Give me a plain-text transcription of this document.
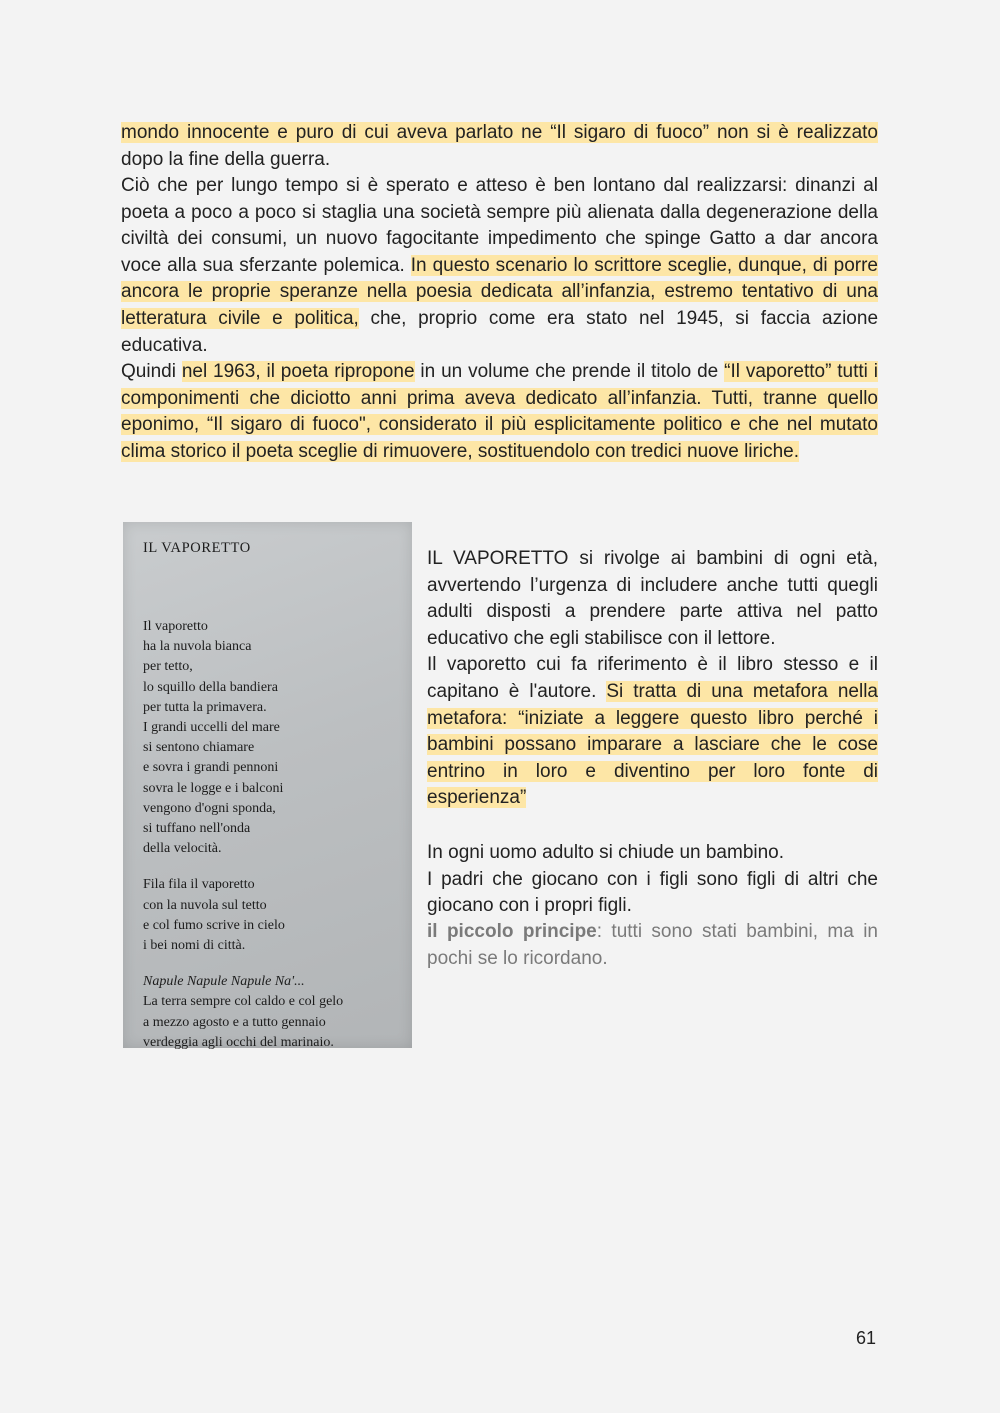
mondo innocente e puro di cui aveva parlato ne “Il sigaro di fuoco” non si è realizzato dopo la fine della guerra.

Ciò che per lungo tempo si è sperato e atteso è ben lontano dal realizzarsi: dinanzi al poeta a poco a poco si staglia una società sempre più alienata dalla degenerazione della civiltà dei consumi, un nuovo fagocitante impedimento che spinge Gatto a dar ancora voce alla sua sferzante polemica. In questo scenario lo scrittore sceglie, dunque, di porre ancora le proprie speranze nella poesia dedicata all’infanzia, estremo tentativo di una letteratura civile e politica, che, proprio come era stato nel 1945, si faccia azione educativa.

Quindi nel 1963, il poeta ripropone in un volume che prende il titolo de “Il vaporetto” tutti i componimenti che diciotto anni prima aveva dedicato all’infanzia. Tutti, tranne quello eponimo, “Il sigaro di fuoco", considerato il più esplicitamente politico e che nel mutato clima storico il poeta sceglie di rimuovere, sostituendolo con tredici nuove liriche.

IL VAPORETTO
Il vaporetto
ha la nuvola bianca
per tetto,
lo squillo della bandiera
per tutta la primavera.
I grandi uccelli del mare
si sentono chiamare
e sovra i grandi pennoni
sovra le logge e i balconi
vengono d'ogni sponda,
si tuffano nell'onda
della velocità.
Fila fila il vaporetto
con la nuvola sul tetto
e col fumo scrive in cielo
i bei nomi di città.
Napule Napule Napule Na'...
La terra sempre col caldo e col gelo
a mezzo agosto e a tutto gennaio
verdeggia agli occhi del marinaio.

IL VAPORETTO si rivolge ai bambini di ogni età, avvertendo l’urgenza di includere anche tutti quegli adulti disposti a prendere parte attiva nel patto educativo che egli stabilisce con il lettore.
Il vaporetto cui fa riferimento è il libro stesso e il capitano è l'autore. Si tratta di una metafora nella metafora: “iniziate a leggere questo libro perché i bambini possano imparare a lasciare che le cose entrino in loro e diventino per loro fonte di esperienza”

In ogni uomo adulto si chiude un bambino.
I padri che giocano con i figli sono figli di altri che giocano con i propri figli.

il piccolo principe: tutti sono stati bambini, ma in pochi se lo ricordano.

61
